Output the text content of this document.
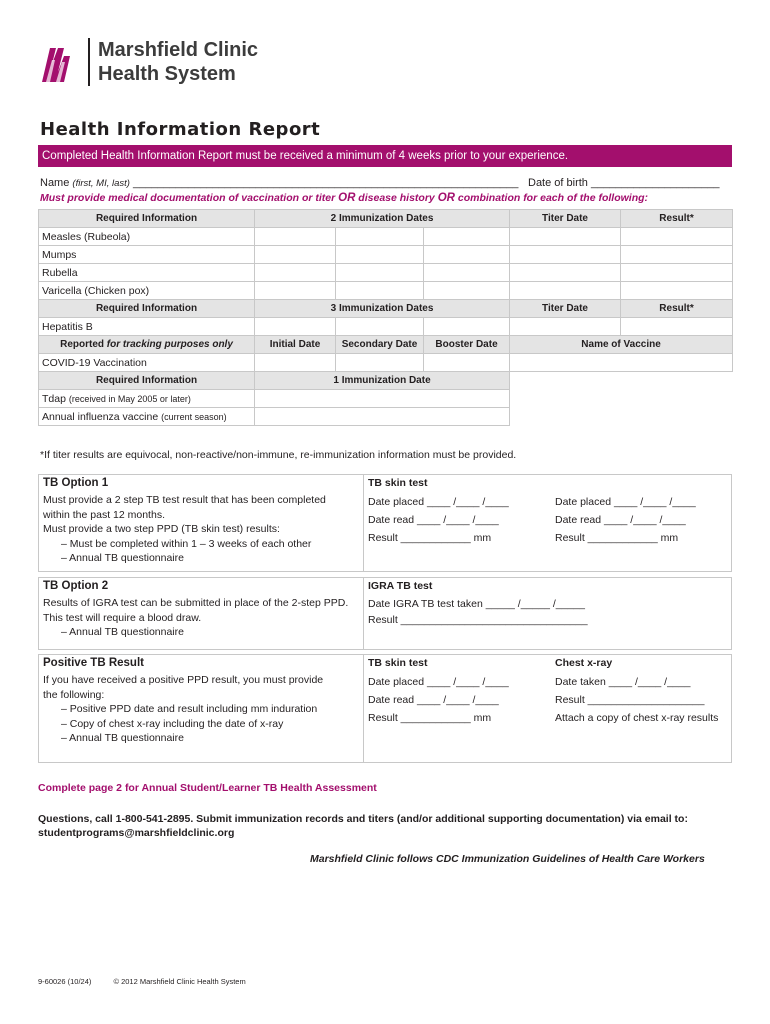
Marshfield Clinic
Health System
Health Information Report
Completed Health Information Report must be received a minimum of 4 weeks prior to your experience.
Name (first, MI, last) _______________________________________________________________ Date of birth _____________________
Must provide medical documentation of vaccination or titer OR disease history OR combination for each of the following:
Required Information	2 Immunization Dates			Titer Date	Result*
Measles (Rubeola)					
Mumps					
Rubella					
Varicella (Chicken pox)					
Required Information	3 Immunization Dates			Titer Date	Result*
Hepatitis B					
Reported for tracking purposes only	Initial Date	Secondary Date	Booster Date	Name of Vaccine	
COVID-19 Vaccination					
Required Information	1 Immunization Date				
Tdap (received in May 2005 or later)					
Annual influenza vaccine (current season)					
*If titer results are equivocal, non-reactive/non-immune, re-immunization information must be provided.
TB Option 1
Must provide a 2 step TB test result that has been completed
within the past 12 months.
Must provide a two step PPD (TB skin test) results:
– Must be completed within 1 – 3 weeks of each other
– Annual TB questionnaire
TB skin test
Date placed ____ /____ /____
Date read ____ /____ /____
Result ____________ mm
Date placed ____ /____ /____
Date read ____ /____ /____
Result ____________ mm
TB Option 2
Results of IGRA test can be submitted in place of the 2-step PPD.
This test will require a blood draw.
– Annual TB questionnaire
IGRA TB test
Date IGRA TB test taken _____ /_____ /_____
Result ________________________________
Positive TB Result
If you have received a positive PPD result, you must provide
the following:
– Positive PPD date and result including mm induration
– Copy of chest x-ray including the date of x-ray
– Annual TB questionnaire
TB skin test
Date placed ____ /____ /____
Date read ____ /____ /____
Result ____________ mm
Chest x-ray
Date taken ____ /____ /____
Result ____________________
Attach a copy of chest x-ray results
Complete page 2 for Annual Student/Learner TB Health Assessment
Questions, call 1-800-541-2895. Submit immunization records and titers (and/or additional supporting documentation) via email to:
studentprograms@marshfieldclinic.org
Marshfield Clinic follows CDC Immunization Guidelines of Health Care Workers
9-60026 (10/24)	© 2012 Marshfield Clinic Health System
